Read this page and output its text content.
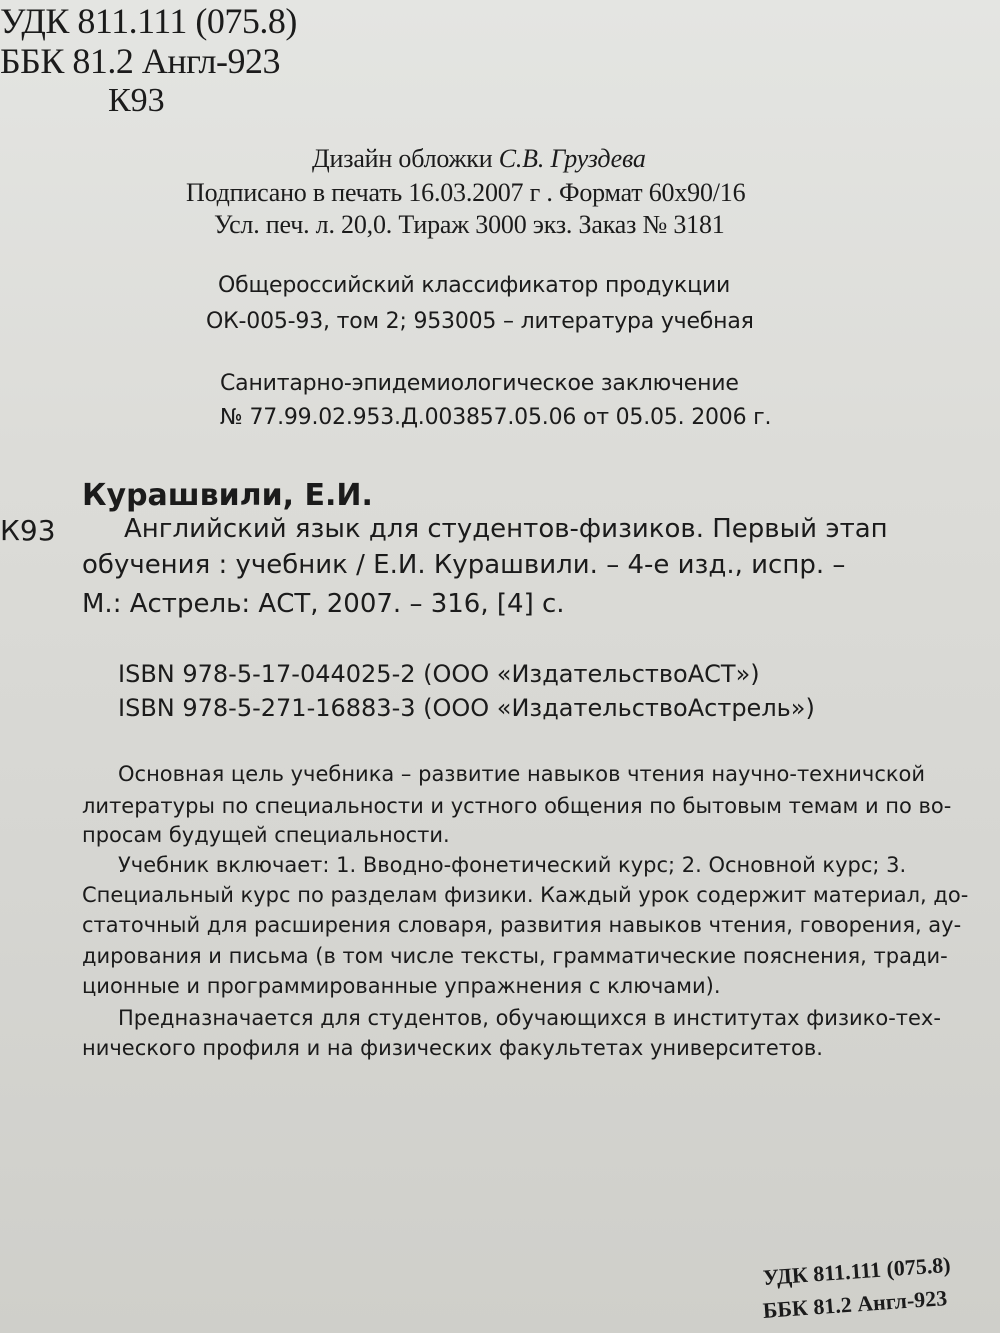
УДК 811.111 (075.8)

ББК 81.2 Англ-923

К93

Дизайн обложки С.В. Груздева

Подписано в печать 16.03.2007 г . Формат 60x90/16

Усл. печ. л. 20,0. Тираж 3000 экз. Заказ № 3181

Общероссийский классификатор продукции

ОК-005-93, том 2; 953005 – литература учебная

Санитарно-эпидемиологическое заключение

№ 77.99.02.953.Д.003857.05.06 от 05.05. 2006 г.

Курашвили, Е.И.

К93	Английский язык для студентов-физиков. Первый этап

обучения : учебник / Е.И. Курашвили. – 4-е изд., испр. –

М.: Астрель: АСТ, 2007. – 316, [4] с.

ISBN 978-5-17-044025-2 (ООО «ИздательствоАСТ»)

ISBN 978-5-271-16883-3 (ООО «ИздательствоАстрель»)

Основная цель учебника – развитие навыков чтения научно-техничской

литературы по специальности и устного общения по бытовым темам и по во-

просам будущей специальности.

Учебник включает: 1. Вводно-фонетический курс; 2. Основной курс; 3.

Специальный курс по разделам физики. Каждый урок содержит материал, до-

статочный для расширения словаря, развития навыков чтения, говорения, ау-

дирования и письма (в том числе тексты, грамматические пояснения, тради-

ционные и программированные упражнения с ключами).

Предназначается для студентов, обучающихся в институтах физико-тех-

нического профиля и на физических факультетах университетов.

УДК 811.111 (075.8)

ББК 81.2 Англ-923
